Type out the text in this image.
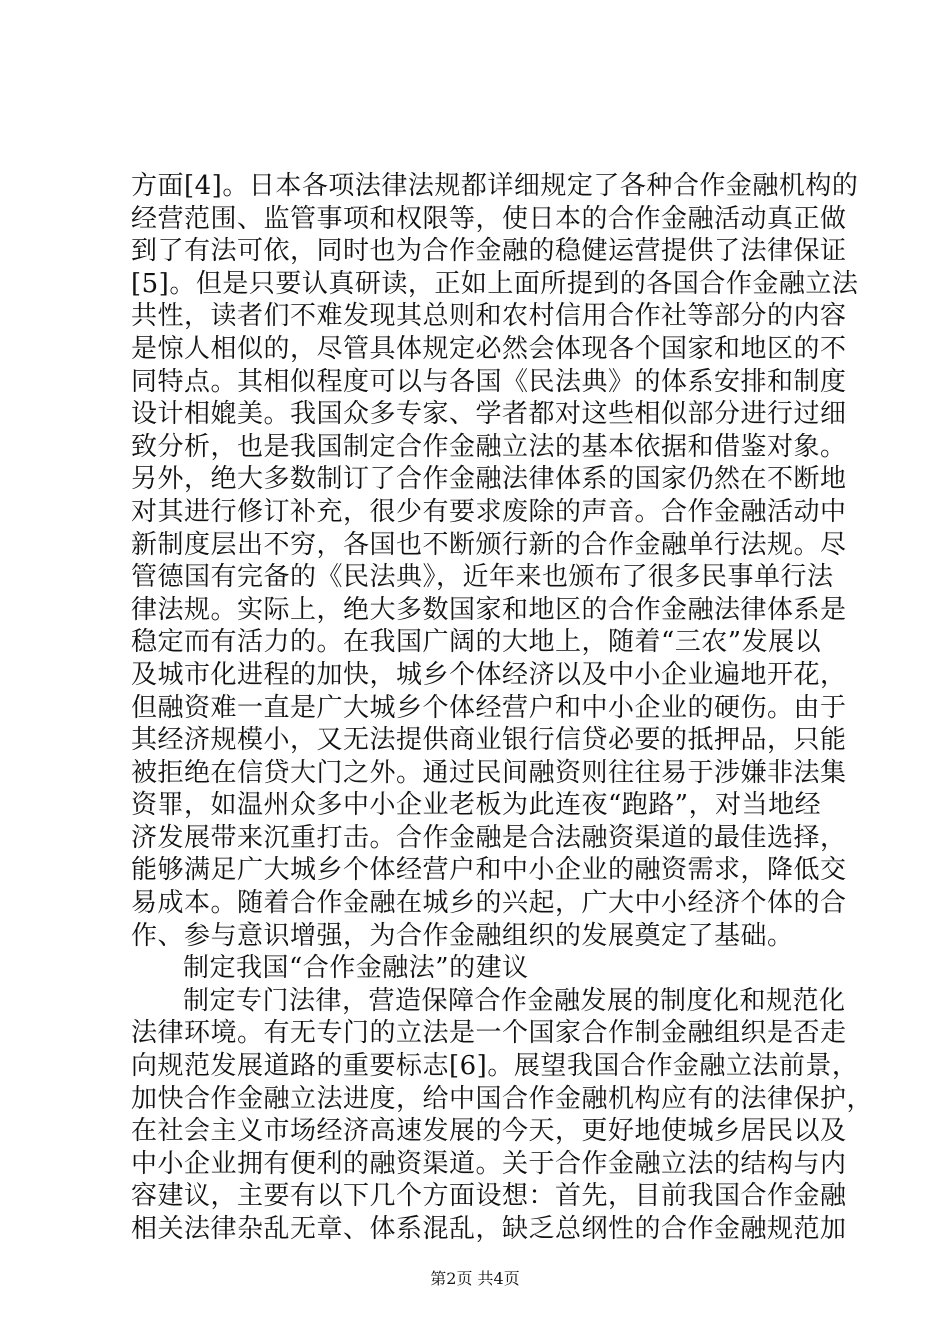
方面[4]。日本各项法律法规都详细规定了各种合作金融机构的
经营范围、监管事项和权限等，使日本的合作金融活动真正做
到了有法可依，同时也为合作金融的稳健运营提供了法律保证
[5]。但是只要认真研读，正如上面所提到的各国合作金融立法
共性，读者们不难发现其总则和农村信用合作社等部分的内容
是惊人相似的，尽管具体规定必然会体现各个国家和地区的不
同特点。其相似程度可以与各国《民法典》的体系安排和制度
设计相媲美。我国众多专家、学者都对这些相似部分进行过细
致分析，也是我国制定合作金融立法的基本依据和借鉴对象。
另外，绝大多数制订了合作金融法律体系的国家仍然在不断地
对其进行修订补充，很少有要求废除的声音。合作金融活动中
新制度层出不穷，各国也不断颁行新的合作金融单行法规。尽
管德国有完备的《民法典》，近年来也颁布了很多民事单行法
律法规。实际上，绝大多数国家和地区的合作金融法律体系是
稳定而有活力的。在我国广阔的大地上，随着“三农”发展以
及城市化进程的加快，城乡个体经济以及中小企业遍地开花，
但融资难一直是广大城乡个体经营户和中小企业的硬伤。由于
其经济规模小，又无法提供商业银行信贷必要的抵押品，只能
被拒绝在信贷大门之外。通过民间融资则往往易于涉嫌非法集
资罪，如温州众多中小企业老板为此连夜“跑路”，对当地经
济发展带来沉重打击。合作金融是合法融资渠道的最佳选择，
能够满足广大城乡个体经营户和中小企业的融资需求，降低交
易成本。随着合作金融在城乡的兴起，广大中小经济个体的合
作、参与意识增强，为合作金融组织的发展奠定了基础。
制定我国“合作金融法”的建议
制定专门法律，营造保障合作金融发展的制度化和规范化
法律环境。有无专门的立法是一个国家合作制金融组织是否走
向规范发展道路的重要标志[6]。展望我国合作金融立法前景，
加快合作金融立法进度，给中国合作金融机构应有的法律保护，
在社会主义市场经济高速发展的今天，更好地使城乡居民以及
中小企业拥有便利的融资渠道。关于合作金融立法的结构与内
容建议，主要有以下几个方面设想：首先，目前我国合作金融
相关法律杂乱无章、体系混乱，缺乏总纲性的合作金融规范加
第2页 共4页
